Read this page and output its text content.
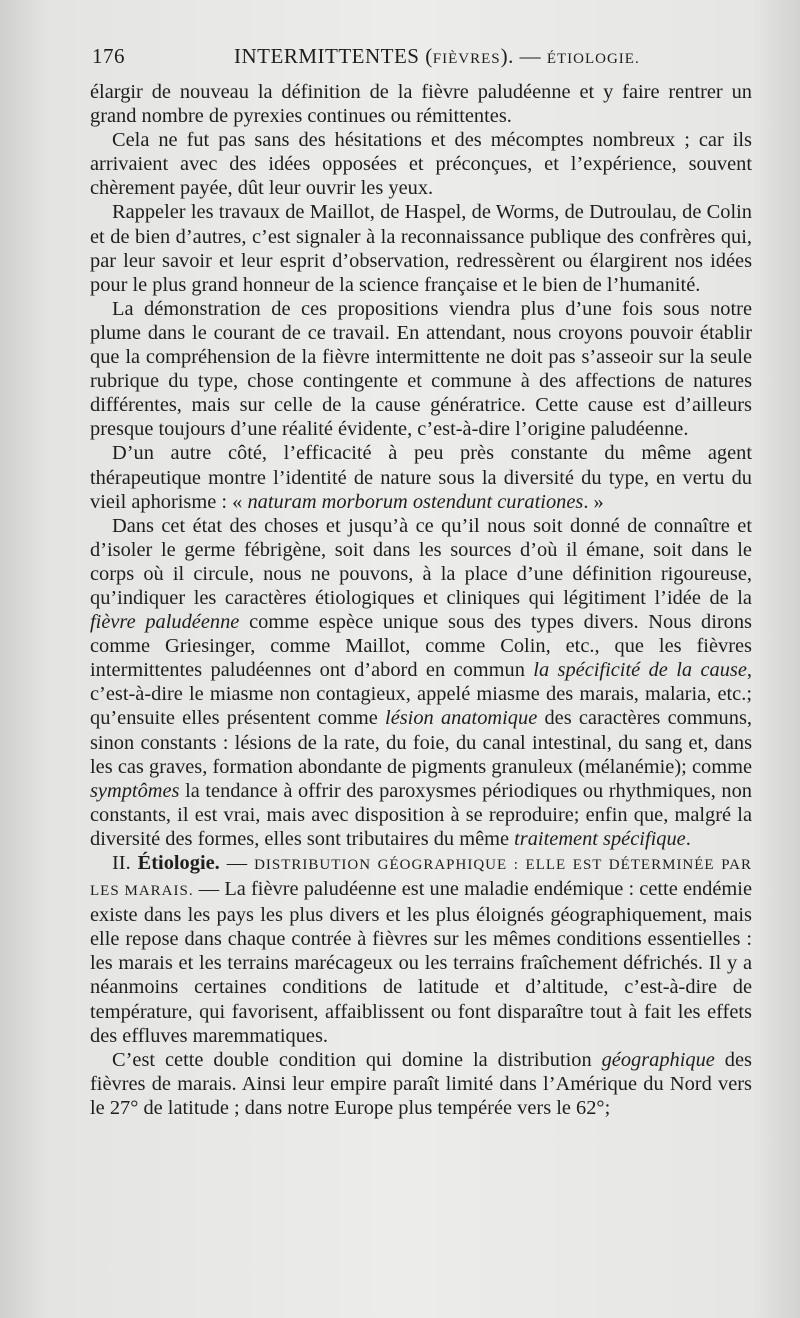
176	INTERMITTENTES (FIÈVRES). — ÉTIOLOGIE.

élargir de nouveau la définition de la fièvre paludéenne et y faire rentrer un grand nombre de pyrexies continues ou rémittentes.

Cela ne fut pas sans des hésitations et des mécomptes nombreux ; car ils arrivaient avec des idées opposées et préconçues, et l’expérience, souvent chèrement payée, dût leur ouvrir les yeux.

Rappeler les travaux de Maillot, de Haspel, de Worms, de Dutroulau, de Colin et de bien d’autres, c’est signaler à la reconnaissance publique des confrères qui, par leur savoir et leur esprit d’observation, redressèrent ou élargirent nos idées pour le plus grand honneur de la science française et le bien de l’humanité.

La démonstration de ces propositions viendra plus d’une fois sous notre plume dans le courant de ce travail. En attendant, nous croyons pouvoir établir que la compréhension de la fièvre intermittente ne doit pas s’asseoir sur la seule rubrique du type, chose contingente et commune à des affections de natures différentes, mais sur celle de la cause génératrice. Cette cause est d’ailleurs presque toujours d’une réalité évidente, c’est-à-dire l’origine paludéenne.

D’un autre côté, l’efficacité à peu près constante du même agent thérapeutique montre l’identité de nature sous la diversité du type, en vertu du vieil aphorisme : « naturam morborum ostendunt curationes. »

Dans cet état des choses et jusqu’à ce qu’il nous soit donné de connaître et d’isoler le germe fébrigène, soit dans les sources d’où il émane, soit dans le corps où il circule, nous ne pouvons, à la place d’une définition rigoureuse, qu’indiquer les caractères étiologiques et cliniques qui légitiment l’idée de la fièvre paludéenne comme espèce unique sous des types divers. Nous dirons comme Griesinger, comme Maillot, comme Colin, etc., que les fièvres intermittentes paludéennes ont d’abord en commun la spécificité de la cause, c’est-à-dire le miasme non contagieux, appelé miasme des marais, malaria, etc.; qu’ensuite elles présentent comme lésion anatomique des caractères communs, sinon constants : lésions de la rate, du foie, du canal intestinal, du sang et, dans les cas graves, formation abondante de pigments granuleux (mélanémie); comme symptômes la tendance à offrir des paroxysmes périodiques ou rhythmiques, non constants, il est vrai, mais avec disposition à se reproduire; enfin que, malgré la diversité des formes, elles sont tributaires du même traitement spécifique.

II. Étiologie. — DISTRIBUTION GÉOGRAPHIQUE : ELLE EST DÉTERMINÉE PAR LES MARAIS. — La fièvre paludéenne est une maladie endémique : cette endémie existe dans les pays les plus divers et les plus éloignés géographiquement, mais elle repose dans chaque contrée à fièvres sur les mêmes conditions essentielles : les marais et les terrains marécageux ou les terrains fraîchement défrichés. Il y a néanmoins certaines conditions de latitude et d’altitude, c’est-à-dire de température, qui favorisent, affaiblissent ou font disparaître tout à fait les effets des effluves maremmatiques.

C’est cette double condition qui domine la distribution géographique des fièvres de marais. Ainsi leur empire paraît limité dans l’Amérique du Nord vers le 27° de latitude ; dans notre Europe plus tempérée vers le 62°;
